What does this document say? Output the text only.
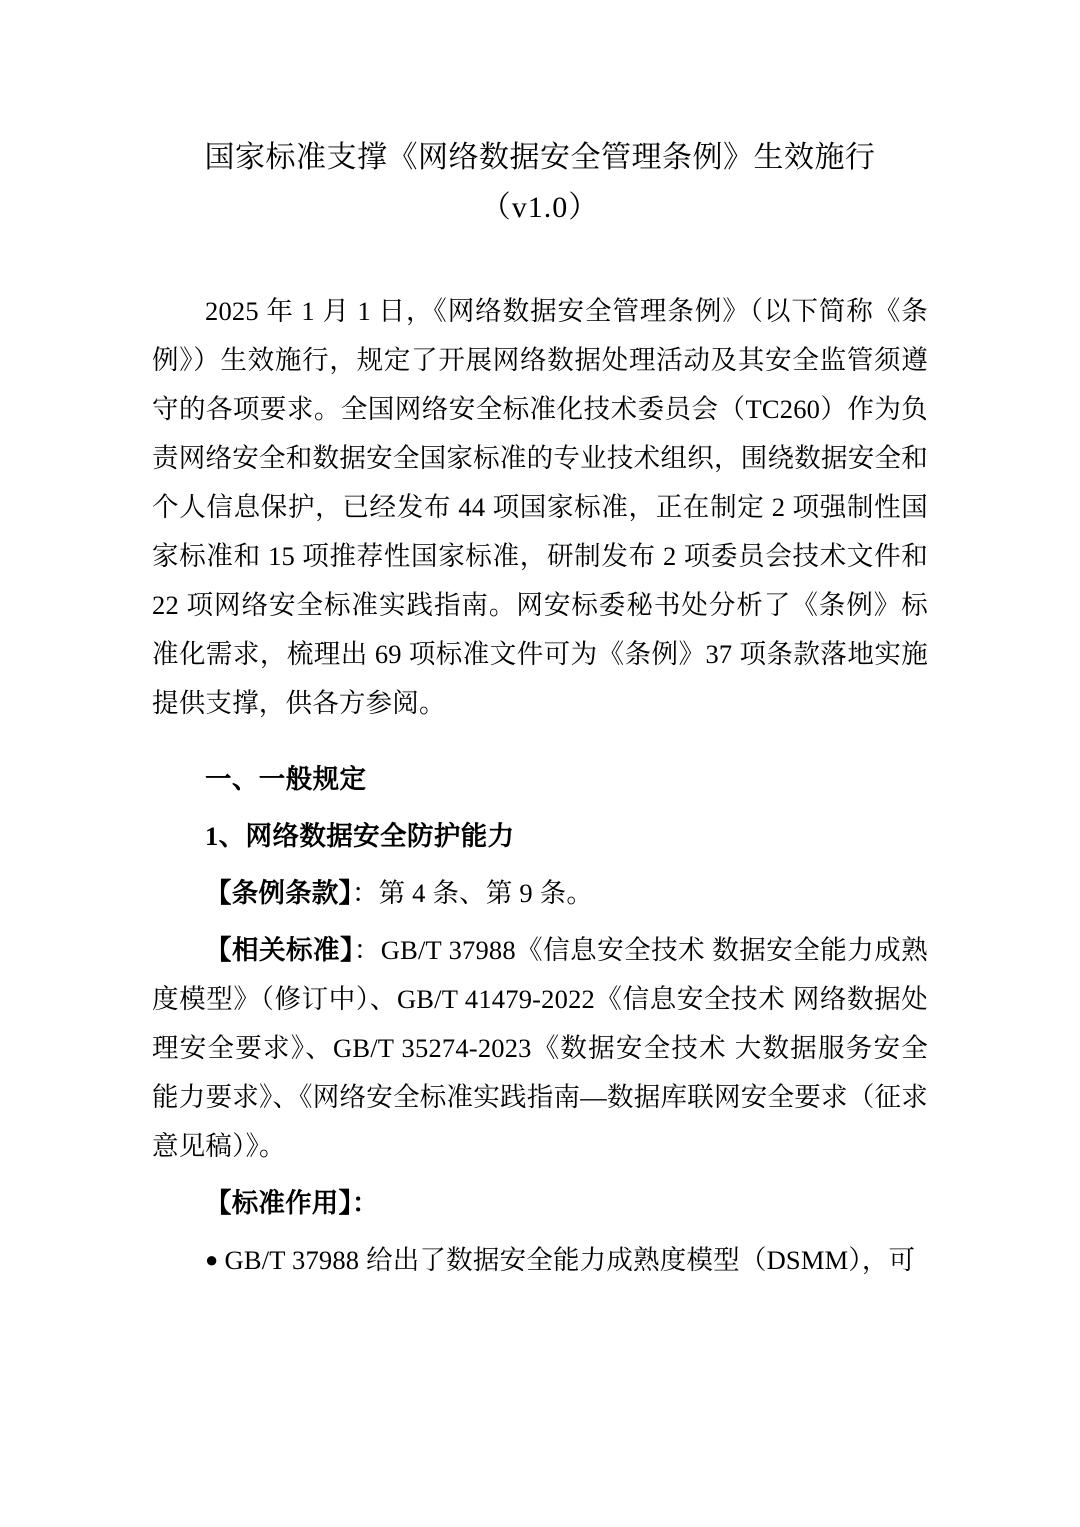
国家标准支撑《网络数据安全管理条例》生效施行
（v1.0）

2025 年 1 月 1 日，《网络数据安全管理条例》（以下简称《条例》）生效施行，规定了开展网络数据处理活动及其安全监管须遵守的各项要求。全国网络安全标准化技术委员会（TC260）作为负责网络安全和数据安全国家标准的专业技术组织，围绕数据安全和个人信息保护，已经发布 44 项国家标准，正在制定 2 项强制性国家标准和 15 项推荐性国家标准，研制发布 2 项委员会技术文件和 22 项网络安全标准实践指南。网安标委秘书处分析了《条例》标准化需求，梳理出 69 项标准文件可为《条例》37 项条款落地实施提供支撑，供各方参阅。

一、一般规定
1、网络数据安全防护能力
【条例条款】：第 4 条、第 9 条。
【相关标准】：GB/T 37988《信息安全技术 数据安全能力成熟度模型》（修订中）、GB/T 41479-2022《信息安全技术 网络数据处理安全要求》、GB/T 35274-2023《数据安全技术 大数据服务安全能力要求》、《网络安全标准实践指南—数据库联网安全要求（征求意见稿）》。
【标准作用】：
● GB/T 37988 给出了数据安全能力成熟度模型（DSMM），可
